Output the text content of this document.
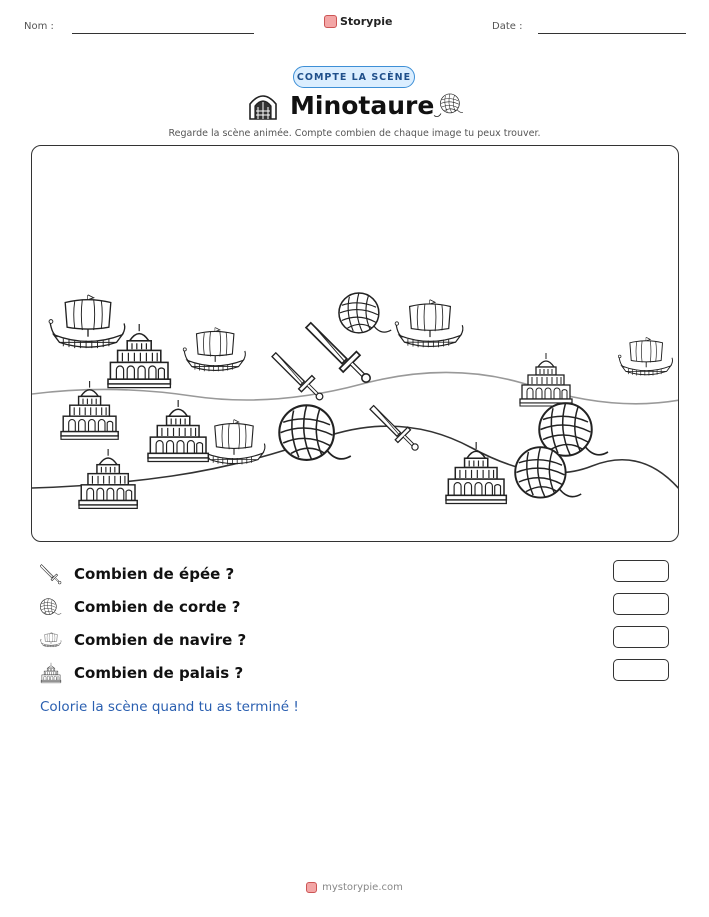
Nom :	Storypie	Date :
COMPTE LA SCÈNE
Minotaure
Regarde la scène animée. Compte combien de chaque image tu peux trouver.
Combien de épée ?
Combien de corde ?
Combien de navire ?
Combien de palais ?
Colorie la scène quand tu as terminé !
mystorypie.com
